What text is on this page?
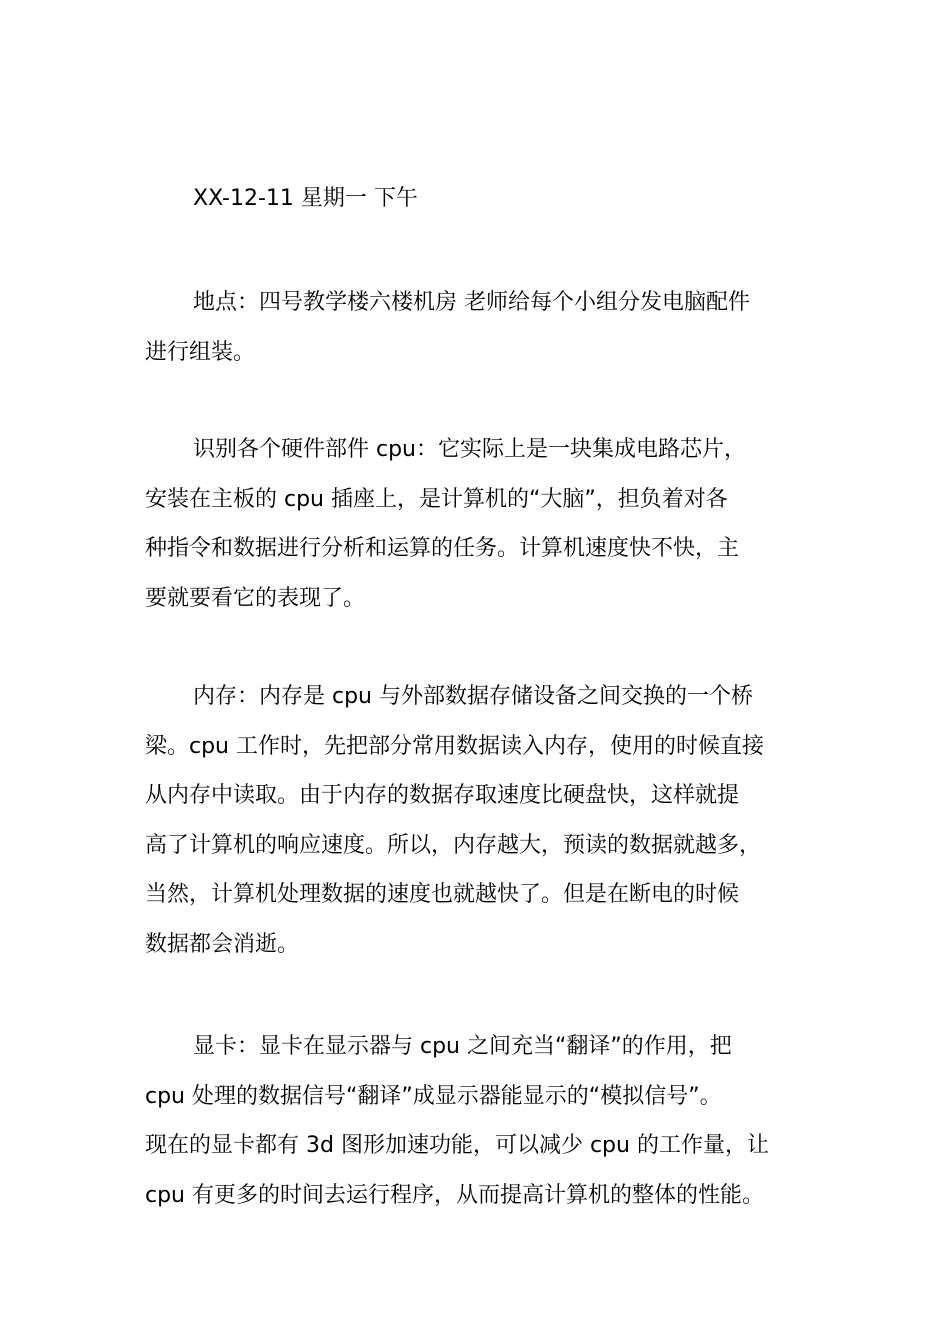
XX-12-11 星期一 下午

地点：四号教学楼六楼机房 老师给每个小组分发电脑配件
进行组装。

识别各个硬件部件 cpu：它实际上是一块集成电路芯片，
安装在主板的 cpu 插座上，是计算机的“大脑”，担负着对各
种指令和数据进行分析和运算的任务。计算机速度快不快，主
要就要看它的表现了。

内存：内存是 cpu 与外部数据存储设备之间交换的一个桥
梁。cpu 工作时，先把部分常用数据读入内存，使用的时候直接
从内存中读取。由于内存的数据存取速度比硬盘快，这样就提
高了计算机的响应速度。所以，内存越大，预读的数据就越多，
当然，计算机处理数据的速度也就越快了。但是在断电的时候
数据都会消逝。

显卡：显卡在显示器与 cpu 之间充当“翻译”的作用，把
cpu 处理的数据信号“翻译”成显示器能显示的“模拟信号”。
现在的显卡都有 3d 图形加速功能，可以减少 cpu 的工作量，让
cpu 有更多的时间去运行程序，从而提高计算机的整体的性能。
